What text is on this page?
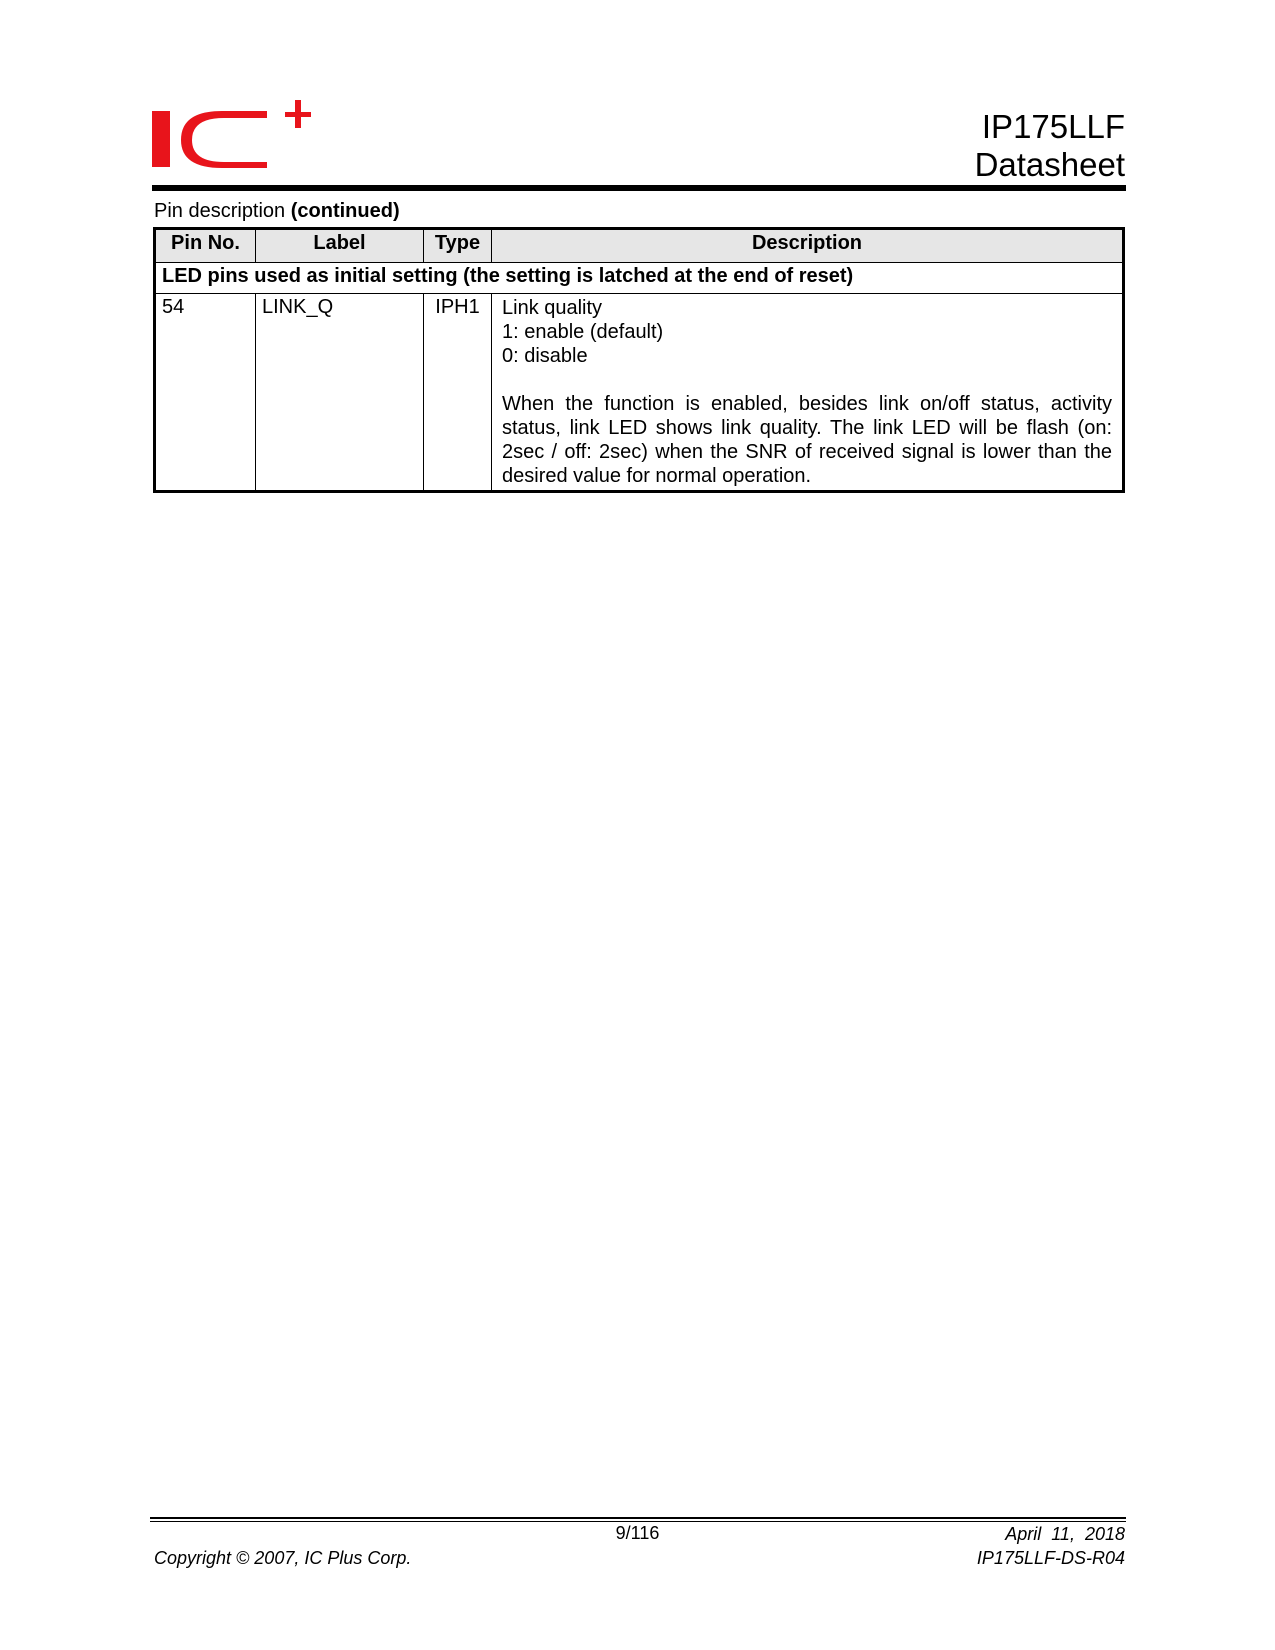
IP175LLF
Datasheet
Pin description (continued)
Pin No.	Label	Type	Description
LED pins used as initial setting (the setting is latched at the end of reset)			
54	LINK_Q	IPH1	Link quality
1: enable (default)
0: disable
When the function is enabled, besides link on/off status, activity status, link LED shows link quality. The link LED will be flash (on: 2sec / off: 2sec) when the SNR of received signal is lower than the desired value for normal operation.
9/116	April  11,  2018
Copyright © 2007, IC Plus Corp.	IP175LLF-DS-R04
